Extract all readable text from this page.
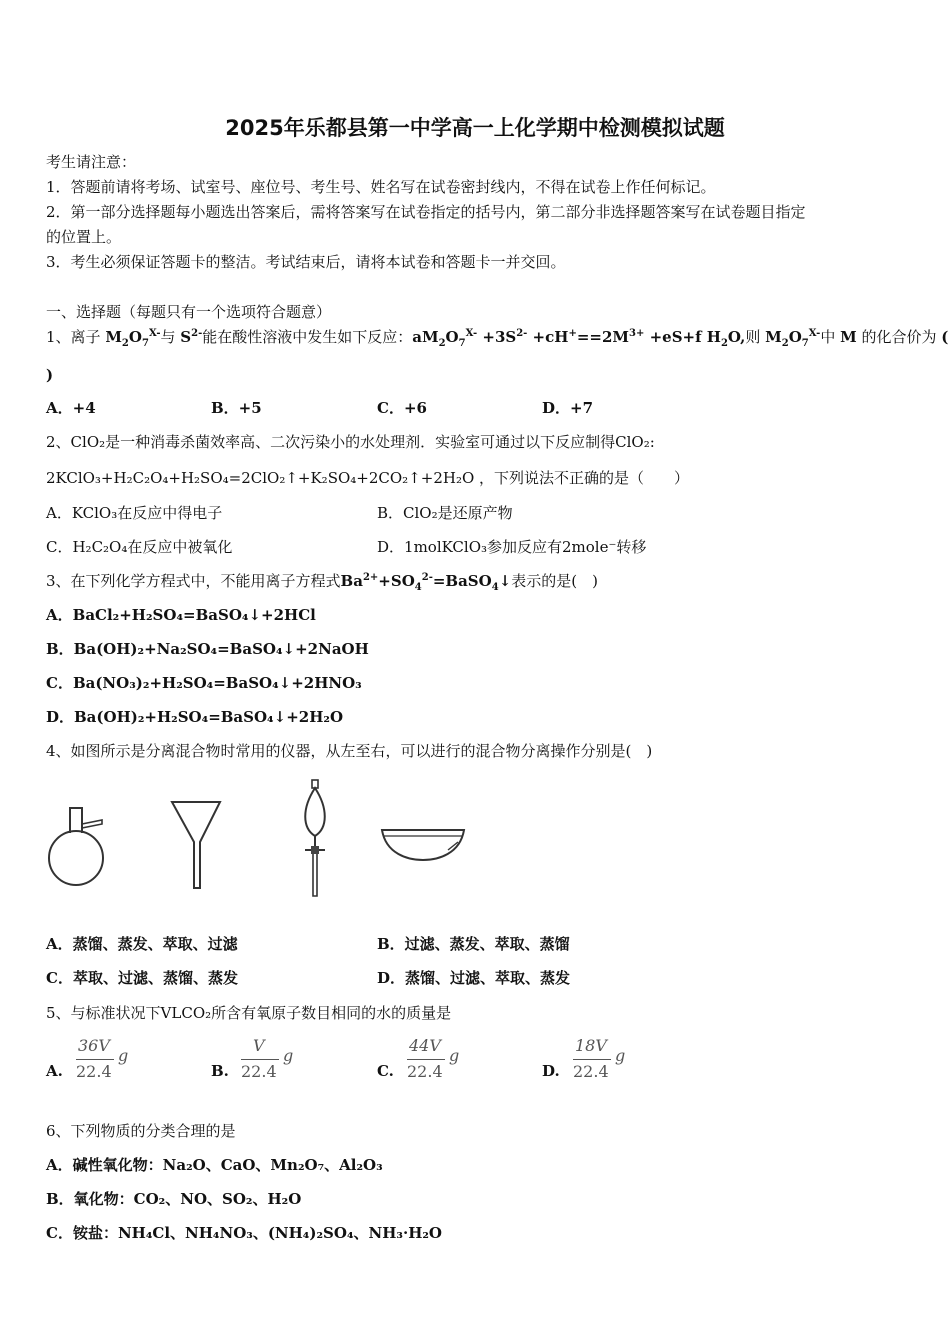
2025年乐都县第一中学高一上化学期中检测模拟试题
考生请注意：
1．答题前请将考场、试室号、座位号、考生号、姓名写在试卷密封线内，不得在试卷上作任何标记。
2．第一部分选择题每小题选出答案后，需将答案写在试卷指定的括号内，第二部分非选择题答案写在试卷题目指定
的位置上。
3．考生必须保证答题卡的整洁。考试结束后，请将本试卷和答题卡一并交回。
一、选择题（每题只有一个选项符合题意）
1、离子 $M_2O_7^{X-}$与 $S^{2-}$能在酸性溶液中发生如下反应：$aM_2O_7^{X-} +3S^{2-} +cH^+==2M^{3+} +eS+f$ $H_2O$,则 $M_2O_7^{X-}$中 M 的化合价为 (
)
A．+4	B．+5	C．+6	D．+7
2、ClO₂是一种消毒杀菌效率高、二次污染小的水处理剂．实验室可通过以下反应制得ClO₂:
2KClO₃+H₂C₂O₄+H₂SO₄=2ClO₂↑+K₂SO₄+2CO₂↑+2H₂O ，下列说法不正确的是（　　）
A．KClO₃在反应中得电子	B．ClO₂是还原产物
C．H₂C₂O₄在反应中被氧化	D．1molKClO₃参加反应有2mole⁻转移
3、在下列化学方程式中，不能用离子方程式$Ba^{2+}+SO_4^{2-}=BaSO_4↓$表示的是(　)
A．BaCl₂+H₂SO₄=BaSO₄↓+2HCl
B．Ba(OH)₂+Na₂SO₄=BaSO₄↓+2NaOH
C．Ba(NO₃)₂+H₂SO₄=BaSO₄↓+2HNO₃
D．Ba(OH)₂+H₂SO₄=BaSO₄↓+2H₂O
4、如图所示是分离混合物时常用的仪器，从左至右，可以进行的混合物分离操作分别是(　)
A．蒸馏、蒸发、萃取、过滤	B．过滤、蒸发、萃取、蒸馏
C．萃取、过滤、蒸馏、蒸发	D．蒸馏、过滤、萃取、蒸发
5、与标准状况下VLCO₂所含有氧原子数目相同的水的质量是
A.
36V
22.4
g
B.
V
22.4
g
C.
44V
22.4
g
D.
18V
22.4
g
6、下列物质的分类合理的是
A．碱性氧化物：Na₂O、CaO、Mn₂O₇、Al₂O₃
B．氧化物：CO₂、NO、SO₂、H₂O
C．铵盐：NH₄Cl、NH₄NO₃、(NH₄)₂SO₄、NH₃·H₂O
